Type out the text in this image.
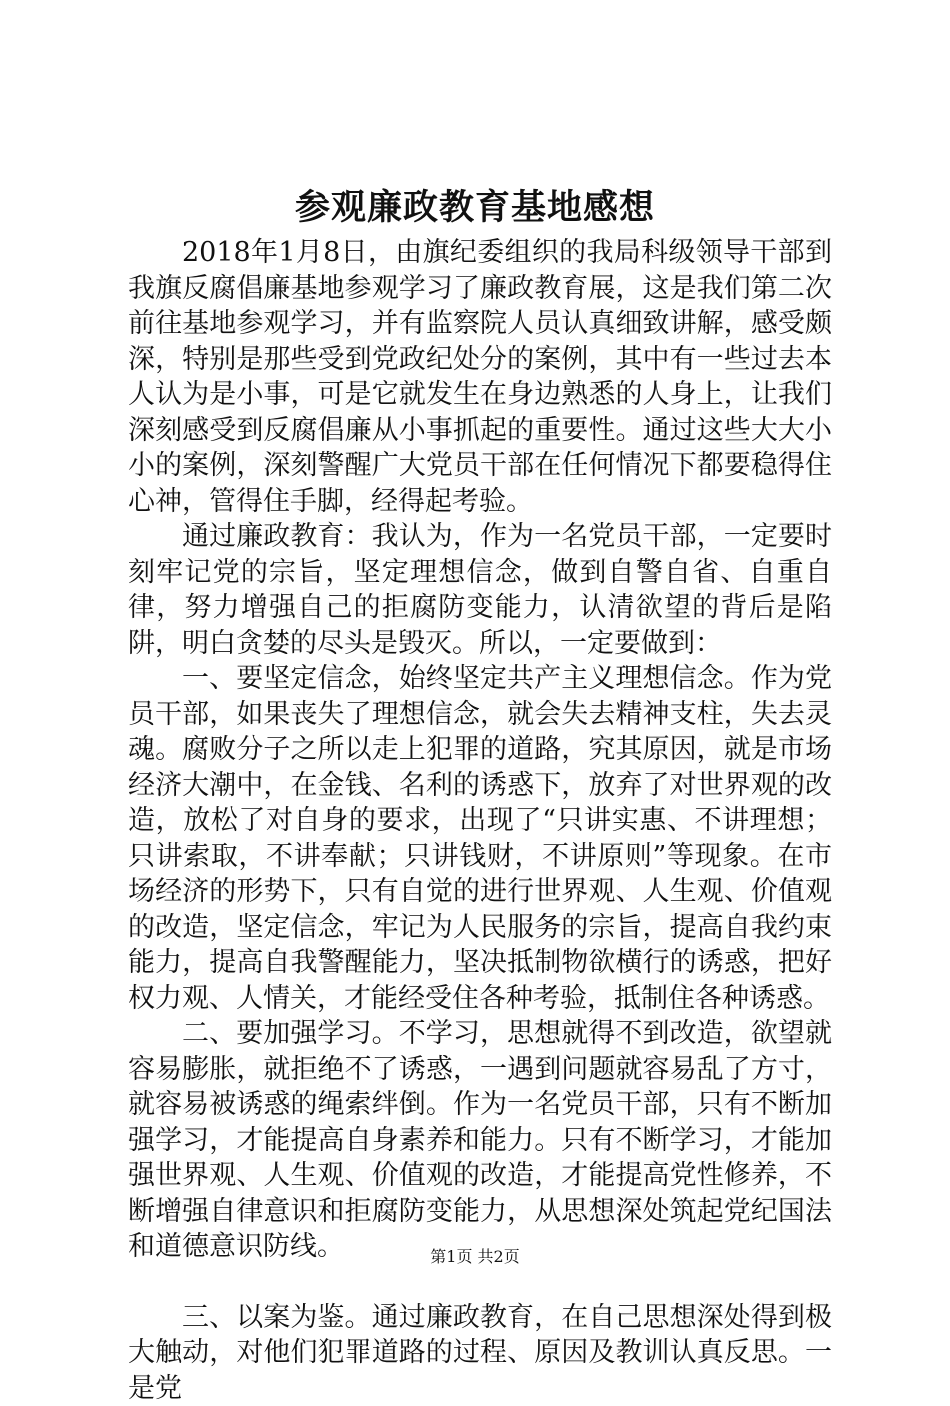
参观廉政教育基地感想

2018年1月8日，由旗纪委组织的我局科级领导干部到我旗反腐倡廉基地参观学习了廉政教育展，这是我们第二次前往基地参观学习，并有监察院人员认真细致讲解，感受颇深，特别是那些受到党政纪处分的案例，其中有一些过去本人认为是小事，可是它就发生在身边熟悉的人身上，让我们深刻感受到反腐倡廉从小事抓起的重要性。通过这些大大小小的案例，深刻警醒广大党员干部在任何情况下都要稳得住心神，管得住手脚，经得起考验。

通过廉政教育：我认为，作为一名党员干部，一定要时刻牢记党的宗旨，坚定理想信念，做到自警自省、自重自律，努力增强自己的拒腐防变能力，认清欲望的背后是陷阱，明白贪婪的尽头是毁灭。所以，一定要做到：

一、要坚定信念，始终坚定共产主义理想信念。作为党员干部，如果丧失了理想信念，就会失去精神支柱，失去灵魂。腐败分子之所以走上犯罪的道路，究其原因，就是市场经济大潮中，在金钱、名利的诱惑下，放弃了对世界观的改造，放松了对自身的要求，出现了“只讲实惠、不讲理想；只讲索取，不讲奉献；只讲钱财，不讲原则”等现象。在市场经济的形势下，只有自觉的进行世界观、人生观、价值观的改造，坚定信念，牢记为人民服务的宗旨，提高自我约束能力，提高自我警醒能力，坚决抵制物欲横行的诱惑，把好权力观、人情关，才能经受住各种考验，抵制住各种诱惑。

二、要加强学习。不学习，思想就得不到改造，欲望就容易膨胀，就拒绝不了诱惑，一遇到问题就容易乱了方寸，就容易被诱惑的绳索绊倒。作为一名党员干部，只有不断加强学习，才能提高自身素养和能力。只有不断学习，才能加强世界观、人生观、价值观的改造，才能提高党性修养，不断增强自律意识和拒腐防变能力，从思想深处筑起党纪国法和道德意识防线。

三、以案为鉴。通过廉政教育，在自己思想深处得到极大触动，对他们犯罪道路的过程、原因及教训认真反思。一是党

第1页 共2页
